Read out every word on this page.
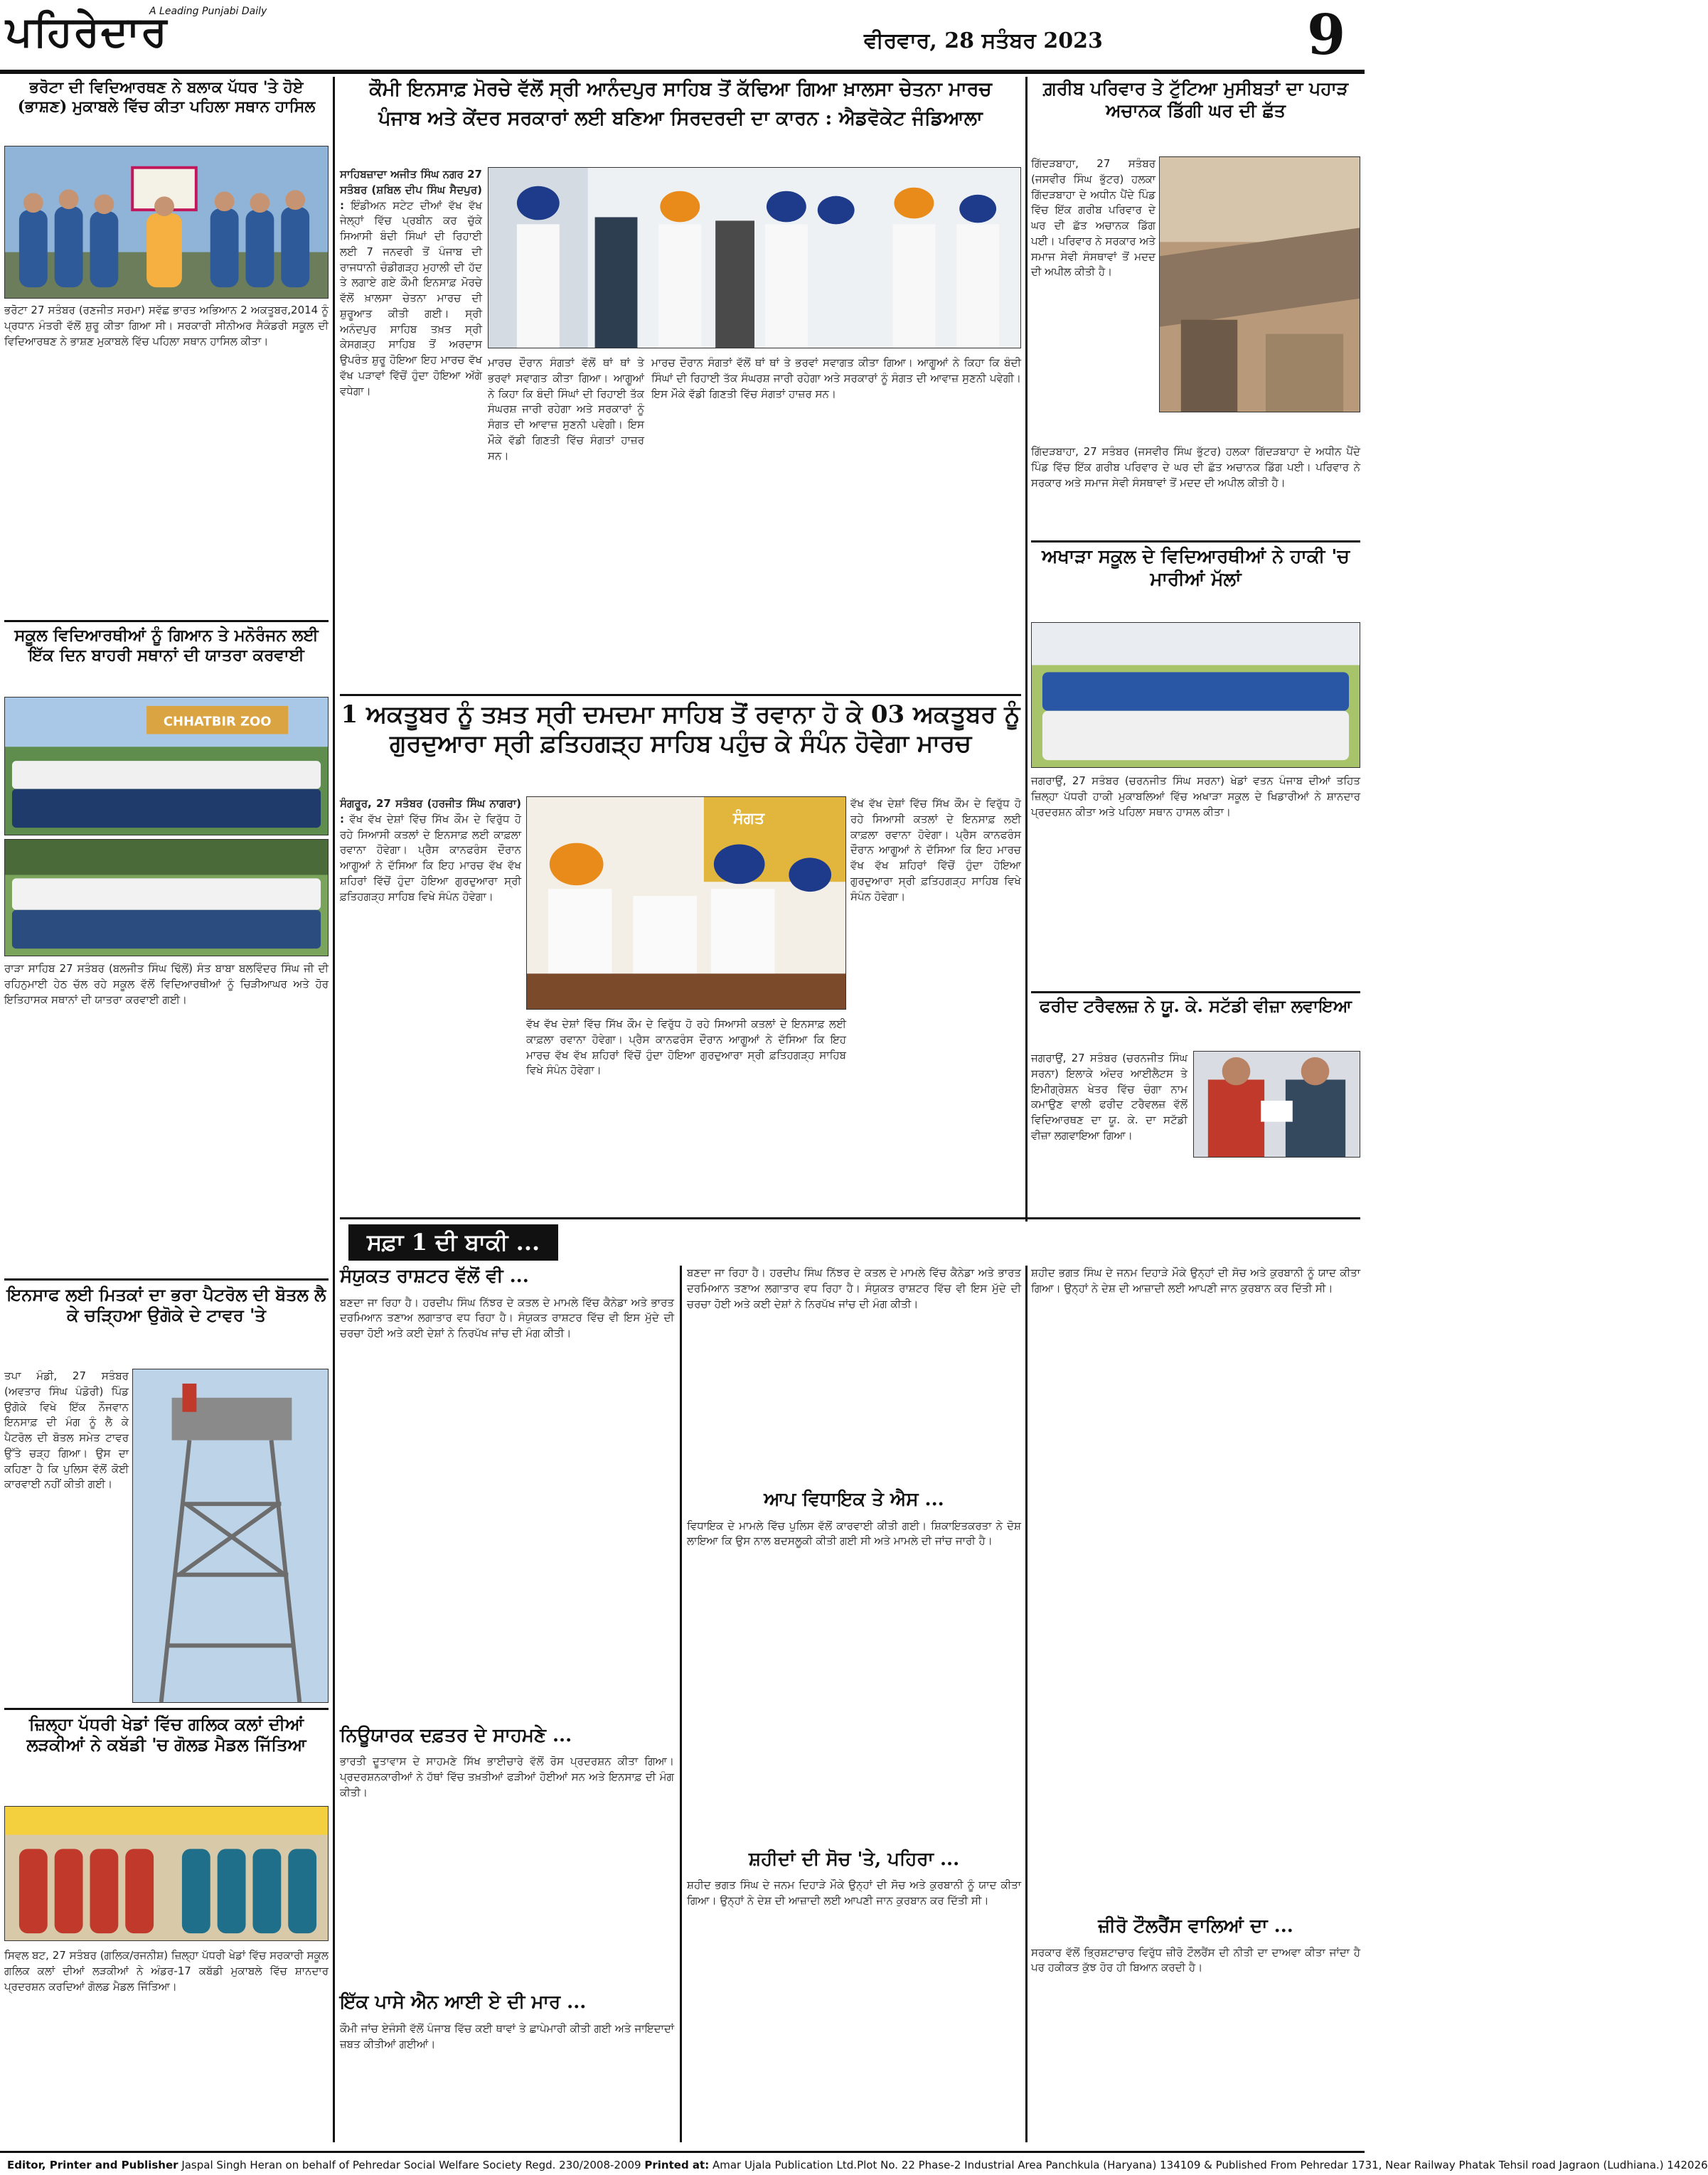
ਪਹਿਰੇਦਾਰ
A Leading Punjabi Daily
ਵੀਰਵਾਰ, 28 ਸਤੰਬਰ 2023	9
ਭਰੋਟਾ ਦੀ ਵਿਦਿਆਰਥਣ ਨੇ ਬਲਾਕ ਪੱਧਰ 'ਤੇ ਹੋਏ (ਭਾਸ਼ਣ) ਮੁਕਾਬਲੇ ਵਿੱਚ ਕੀਤਾ ਪਹਿਲਾ ਸਥਾਨ ਹਾਸਿਲ
ਭਰੋਟਾ 27 ਸਤੰਬਰ (ਰਣਜੀਤ ਸਰਮਾ) ਸਵੱਛ ਭਾਰਤ ਅਭਿਆਨ 2 ਅਕਤੂਬਰ,2014 ਨੂੰ ਪ੍ਰਧਾਨ ਮੰਤਰੀ ਵੱਲੋਂ ਸ਼ੁਰੂ ਕੀਤਾ ਗਿਆ ਸੀ। ਸਰਕਾਰੀ ਸੀਨੀਅਰ ਸੈਕੰਡਰੀ ਸਕੂਲ ਦੀ ਵਿਦਿਆਰਥਣ ਨੇ ਭਾਸ਼ਣ ਮੁਕਾਬਲੇ ਵਿੱਚ ਪਹਿਲਾ ਸਥਾਨ ਹਾਸਿਲ ਕੀਤਾ।
ਸਕੂਲ ਵਿਦਿਆਰਥੀਆਂ ਨੂੰ ਗਿਆਨ ਤੇ ਮਨੋਰੰਜਨ ਲਈ ਇੱਕ ਦਿਨ ਬਾਹਰੀ ਸਥਾਨਾਂ ਦੀ ਯਾਤਰਾ ਕਰਵਾਈ
CHHATBIR ZOO
ਰਾੜਾ ਸਾਹਿਬ 27 ਸਤੰਬਰ (ਬਲਜੀਤ ਸਿੰਘ ਢਿੱਲੋਂ) ਸੰਤ ਬਾਬਾ ਬਲਵਿੰਦਰ ਸਿੰਘ ਜੀ ਦੀ ਰਹਿਨੁਮਾਈ ਹੇਠ ਚੱਲ ਰਹੇ ਸਕੂਲ ਵੱਲੋਂ ਵਿਦਿਆਰਥੀਆਂ ਨੂੰ ਚਿੜੀਆਘਰ ਅਤੇ ਹੋਰ ਇਤਿਹਾਸਕ ਸਥਾਨਾਂ ਦੀ ਯਾਤਰਾ ਕਰਵਾਈ ਗਈ।
ਇਨਸਾਫ ਲਈ ਮਿਤਕਾਂ ਦਾ ਭਰਾ ਪੈਟਰੋਲ ਦੀ ਬੋਤਲ ਲੈ ਕੇ ਚੜ੍ਹਿਆ ਉਗੋਕੇ ਦੇ ਟਾਵਰ 'ਤੇ
ਤਪਾ ਮੰਡੀ, 27 ਸਤੰਬਰ (ਅਵਤਾਰ ਸਿੰਘ ਪੰਡੋਰੀ) ਪਿੰਡ ਉਗੋਕੇ ਵਿਖੇ ਇੱਕ ਨੌਜਵਾਨ ਇਨਸਾਫ਼ ਦੀ ਮੰਗ ਨੂੰ ਲੈ ਕੇ ਪੈਟਰੋਲ ਦੀ ਬੋਤਲ ਸਮੇਤ ਟਾਵਰ ਉੱਤੇ ਚੜ੍ਹ ਗਿਆ। ਉਸ ਦਾ ਕਹਿਣਾ ਹੈ ਕਿ ਪੁਲਿਸ ਵੱਲੋਂ ਕੋਈ ਕਾਰਵਾਈ ਨਹੀਂ ਕੀਤੀ ਗਈ।
ਜ਼ਿਲ੍ਹਾ ਪੱਧਰੀ ਖੇਡਾਂ ਵਿੱਚ ਗਲਿਕ ਕਲਾਂ ਦੀਆਂ ਲੜਕੀਆਂ ਨੇ ਕਬੱਡੀ 'ਚ ਗੋਲਡ ਮੈਡਲ ਜਿੱਤਿਆ
ਸਿਵਲ ਬਟ, 27 ਸਤੰਬਰ (ਗਲਿਕ/ਰਜਨੀਸ਼) ਜ਼ਿਲ੍ਹਾ ਪੱਧਰੀ ਖੇਡਾਂ ਵਿੱਚ ਸਰਕਾਰੀ ਸਕੂਲ ਗਲਿਕ ਕਲਾਂ ਦੀਆਂ ਲੜਕੀਆਂ ਨੇ ਅੰਡਰ-17 ਕਬੱਡੀ ਮੁਕਾਬਲੇ ਵਿੱਚ ਸ਼ਾਨਦਾਰ ਪ੍ਰਦਰਸ਼ਨ ਕਰਦਿਆਂ ਗੋਲਡ ਮੈਡਲ ਜਿੱਤਿਆ।
ਕੌਮੀ ਇਨਸਾਫ਼ ਮੋਰਚੇ ਵੱਲੋਂ ਸ੍ਰੀ ਆਨੰਦਪੁਰ ਸਾਹਿਬ ਤੋਂ ਕੱਢਿਆ ਗਿਆ ਖ਼ਾਲਸਾ ਚੇਤਨਾ ਮਾਰਚ
ਪੰਜਾਬ ਅਤੇ ਕੇਂਦਰ ਸਰਕਾਰਾਂ ਲਈ ਬਣਿਆ ਸਿਰਦਰਦੀ ਦਾ ਕਾਰਨ : ਐਡਵੋਕੇਟ ਜੰਡਿਆਲਾ
ਸਾਹਿਬਜ਼ਾਦਾ ਅਜੀਤ ਸਿੰਘ ਨਗਰ 27 ਸਤੰਬਰ (ਸ਼ਬਿਲ ਦੀਪ ਸਿੰਘ ਸੈਦਪੁਰ) : ਇੰਡੀਅਨ ਸਟੇਟ ਦੀਆਂ ਵੱਖ ਵੱਖ ਜੇਲ੍ਹਾਂ ਵਿੱਚ ਪ੍ਰਬੀਨ ਕਰ ਚੁੱਕੇ ਸਿਆਸੀ ਬੰਦੀ ਸਿੰਘਾਂ ਦੀ ਰਿਹਾਈ ਲਈ 7 ਜਨਵਰੀ ਤੋਂ ਪੰਜਾਬ ਦੀ ਰਾਜਧਾਨੀ ਚੰਡੀਗੜ੍ਹ ਮੁਹਾਲੀ ਦੀ ਹੱਦ ਤੇ ਲਗਾਏ ਗਏ ਕੌਮੀ ਇਨਸਾਫ਼ ਮੋਰਚੇ ਵੱਲੋਂ ਖ਼ਾਲਸਾ ਚੇਤਨਾ ਮਾਰਚ ਦੀ ਸ਼ੁਰੂਆਤ ਕੀਤੀ ਗਈ। ਸ੍ਰੀ ਅਨੰਦਪੁਰ ਸਾਹਿਬ ਤਖ਼ਤ ਸ੍ਰੀ ਕੇਸਗੜ੍ਹ ਸਾਹਿਬ ਤੋਂ ਅਰਦਾਸ ਉਪਰੰਤ ਸ਼ੁਰੂ ਹੋਇਆ ਇਹ ਮਾਰਚ ਵੱਖ ਵੱਖ ਪੜਾਵਾਂ ਵਿੱਚੋਂ ਹੁੰਦਾ ਹੋਇਆ ਅੱਗੇ ਵਧੇਗਾ।
ਮਾਰਚ ਦੌਰਾਨ ਸੰਗਤਾਂ ਵੱਲੋਂ ਥਾਂ ਥਾਂ ਤੇ ਭਰਵਾਂ ਸਵਾਗਤ ਕੀਤਾ ਗਿਆ। ਆਗੂਆਂ ਨੇ ਕਿਹਾ ਕਿ ਬੰਦੀ ਸਿੰਘਾਂ ਦੀ ਰਿਹਾਈ ਤੱਕ ਸੰਘਰਸ਼ ਜਾਰੀ ਰਹੇਗਾ ਅਤੇ ਸਰਕਾਰਾਂ ਨੂੰ ਸੰਗਤ ਦੀ ਆਵਾਜ਼ ਸੁਣਨੀ ਪਵੇਗੀ। ਇਸ ਮੌਕੇ ਵੱਡੀ ਗਿਣਤੀ ਵਿੱਚ ਸੰਗਤਾਂ ਹਾਜ਼ਰ ਸਨ।
ਮਾਰਚ ਦੌਰਾਨ ਸੰਗਤਾਂ ਵੱਲੋਂ ਥਾਂ ਥਾਂ ਤੇ ਭਰਵਾਂ ਸਵਾਗਤ ਕੀਤਾ ਗਿਆ। ਆਗੂਆਂ ਨੇ ਕਿਹਾ ਕਿ ਬੰਦੀ ਸਿੰਘਾਂ ਦੀ ਰਿਹਾਈ ਤੱਕ ਸੰਘਰਸ਼ ਜਾਰੀ ਰਹੇਗਾ ਅਤੇ ਸਰਕਾਰਾਂ ਨੂੰ ਸੰਗਤ ਦੀ ਆਵਾਜ਼ ਸੁਣਨੀ ਪਵੇਗੀ। ਇਸ ਮੌਕੇ ਵੱਡੀ ਗਿਣਤੀ ਵਿੱਚ ਸੰਗਤਾਂ ਹਾਜ਼ਰ ਸਨ।
1 ਅਕਤੂਬਰ ਨੂੰ ਤਖ਼ਤ ਸ੍ਰੀ ਦਮਦਮਾ ਸਾਹਿਬ ਤੋਂ ਰਵਾਨਾ ਹੋ ਕੇ 03 ਅਕਤੂਬਰ ਨੂੰ ਗੁਰਦੁਆਰਾ ਸ੍ਰੀ ਫ਼ਤਿਹਗੜ੍ਹ ਸਾਹਿਬ ਪਹੁੰਚ ਕੇ ਸੰਪੰਨ ਹੋਵੇਗਾ ਮਾਰਚ
ਸੰਗਰੂਰ, 27 ਸਤੰਬਰ (ਹਰਜੀਤ ਸਿੰਘ ਨਾਗਰਾ) : ਵੱਖ ਵੱਖ ਦੇਸ਼ਾਂ ਵਿੱਚ ਸਿੱਖ ਕੌਮ ਦੇ ਵਿਰੁੱਧ ਹੋ ਰਹੇ ਸਿਆਸੀ ਕਤਲਾਂ ਦੇ ਇਨਸਾਫ਼ ਲਈ ਕਾਫ਼ਲਾ ਰਵਾਨਾ ਹੋਵੇਗਾ। ਪ੍ਰੈਸ ਕਾਨਫਰੰਸ ਦੌਰਾਨ ਆਗੂਆਂ ਨੇ ਦੱਸਿਆ ਕਿ ਇਹ ਮਾਰਚ ਵੱਖ ਵੱਖ ਸ਼ਹਿਰਾਂ ਵਿੱਚੋਂ ਹੁੰਦਾ ਹੋਇਆ ਗੁਰਦੁਆਰਾ ਸ੍ਰੀ ਫ਼ਤਿਹਗੜ੍ਹ ਸਾਹਿਬ ਵਿਖੇ ਸੰਪੰਨ ਹੋਵੇਗਾ।
ਸੰਗਤ
ਵੱਖ ਵੱਖ ਦੇਸ਼ਾਂ ਵਿੱਚ ਸਿੱਖ ਕੌਮ ਦੇ ਵਿਰੁੱਧ ਹੋ ਰਹੇ ਸਿਆਸੀ ਕਤਲਾਂ ਦੇ ਇਨਸਾਫ਼ ਲਈ ਕਾਫ਼ਲਾ ਰਵਾਨਾ ਹੋਵੇਗਾ। ਪ੍ਰੈਸ ਕਾਨਫਰੰਸ ਦੌਰਾਨ ਆਗੂਆਂ ਨੇ ਦੱਸਿਆ ਕਿ ਇਹ ਮਾਰਚ ਵੱਖ ਵੱਖ ਸ਼ਹਿਰਾਂ ਵਿੱਚੋਂ ਹੁੰਦਾ ਹੋਇਆ ਗੁਰਦੁਆਰਾ ਸ੍ਰੀ ਫ਼ਤਿਹਗੜ੍ਹ ਸਾਹਿਬ ਵਿਖੇ ਸੰਪੰਨ ਹੋਵੇਗਾ।
ਵੱਖ ਵੱਖ ਦੇਸ਼ਾਂ ਵਿੱਚ ਸਿੱਖ ਕੌਮ ਦੇ ਵਿਰੁੱਧ ਹੋ ਰਹੇ ਸਿਆਸੀ ਕਤਲਾਂ ਦੇ ਇਨਸਾਫ਼ ਲਈ ਕਾਫ਼ਲਾ ਰਵਾਨਾ ਹੋਵੇਗਾ। ਪ੍ਰੈਸ ਕਾਨਫਰੰਸ ਦੌਰਾਨ ਆਗੂਆਂ ਨੇ ਦੱਸਿਆ ਕਿ ਇਹ ਮਾਰਚ ਵੱਖ ਵੱਖ ਸ਼ਹਿਰਾਂ ਵਿੱਚੋਂ ਹੁੰਦਾ ਹੋਇਆ ਗੁਰਦੁਆਰਾ ਸ੍ਰੀ ਫ਼ਤਿਹਗੜ੍ਹ ਸਾਹਿਬ ਵਿਖੇ ਸੰਪੰਨ ਹੋਵੇਗਾ।
ਗ਼ਰੀਬ ਪਰਿਵਾਰ ਤੇ ਟੁੱਟਿਆ ਮੁਸੀਬਤਾਂ ਦਾ ਪਹਾੜ ਅਚਾਨਕ ਡਿੱਗੀ ਘਰ ਦੀ ਛੱਤ
ਗਿੱਦੜਬਾਹਾ, 27 ਸਤੰਬਰ (ਜਸਵੀਰ ਸਿੰਘ ਭੁੱਟਰ) ਹਲਕਾ ਗਿੱਦੜਬਾਹਾ ਦੇ ਅਧੀਨ ਪੈਂਦੇ ਪਿੰਡ ਵਿੱਚ ਇੱਕ ਗਰੀਬ ਪਰਿਵਾਰ ਦੇ ਘਰ ਦੀ ਛੱਤ ਅਚਾਨਕ ਡਿੱਗ ਪਈ। ਪਰਿਵਾਰ ਨੇ ਸਰਕਾਰ ਅਤੇ ਸਮਾਜ ਸੇਵੀ ਸੰਸਥਾਵਾਂ ਤੋਂ ਮਦਦ ਦੀ ਅਪੀਲ ਕੀਤੀ ਹੈ।
ਗਿੱਦੜਬਾਹਾ, 27 ਸਤੰਬਰ (ਜਸਵੀਰ ਸਿੰਘ ਭੁੱਟਰ) ਹਲਕਾ ਗਿੱਦੜਬਾਹਾ ਦੇ ਅਧੀਨ ਪੈਂਦੇ ਪਿੰਡ ਵਿੱਚ ਇੱਕ ਗਰੀਬ ਪਰਿਵਾਰ ਦੇ ਘਰ ਦੀ ਛੱਤ ਅਚਾਨਕ ਡਿੱਗ ਪਈ। ਪਰਿਵਾਰ ਨੇ ਸਰਕਾਰ ਅਤੇ ਸਮਾਜ ਸੇਵੀ ਸੰਸਥਾਵਾਂ ਤੋਂ ਮਦਦ ਦੀ ਅਪੀਲ ਕੀਤੀ ਹੈ।
ਅਖਾੜਾ ਸਕੂਲ ਦੇ ਵਿਦਿਆਰਥੀਆਂ ਨੇ ਹਾਕੀ 'ਚ ਮਾਰੀਆਂ ਮੱਲਾਂ
ਜਗਰਾਉਂ, 27 ਸਤੰਬਰ (ਚਰਨਜੀਤ ਸਿੰਘ ਸਰਨਾ) ਖੇਡਾਂ ਵਤਨ ਪੰਜਾਬ ਦੀਆਂ ਤਹਿਤ ਜ਼ਿਲ੍ਹਾ ਪੱਧਰੀ ਹਾਕੀ ਮੁਕਾਬਲਿਆਂ ਵਿੱਚ ਅਖਾੜਾ ਸਕੂਲ ਦੇ ਖਿਡਾਰੀਆਂ ਨੇ ਸ਼ਾਨਦਾਰ ਪ੍ਰਦਰਸ਼ਨ ਕੀਤਾ ਅਤੇ ਪਹਿਲਾ ਸਥਾਨ ਹਾਸਲ ਕੀਤਾ।
ਫਰੀਦ ਟਰੈਵਲਜ਼ ਨੇ ਯੂ. ਕੇ. ਸਟੱਡੀ ਵੀਜ਼ਾ ਲਵਾਇਆ
ਜਗਰਾਉਂ, 27 ਸਤੰਬਰ (ਚਰਨਜੀਤ ਸਿੰਘ ਸਰਨਾ) ਇਲਾਕੇ ਅੰਦਰ ਆਈਲੈਟਸ ਤੇ ਇਮੀਗ੍ਰੇਸ਼ਨ ਖੇਤਰ ਵਿੱਚ ਚੰਗਾ ਨਾਮ ਕਮਾਉਣ ਵਾਲੀ ਫਰੀਦ ਟਰੈਵਲਜ਼ ਵੱਲੋਂ ਵਿਦਿਆਰਥਣ ਦਾ ਯੂ. ਕੇ. ਦਾ ਸਟੱਡੀ ਵੀਜ਼ਾ ਲਗਵਾਇਆ ਗਿਆ।
ਸਫ਼ਾ 1 ਦੀ ਬਾਕੀ ...
ਸੰਯੁਕਤ ਰਾਸ਼ਟਰ ਵੱਲੋਂ ਵੀ ...
ਬਣਦਾ ਜਾ ਰਿਹਾ ਹੈ। ਹਰਦੀਪ ਸਿੰਘ ਨਿੱਝਰ ਦੇ ਕਤਲ ਦੇ ਮਾਮਲੇ ਵਿੱਚ ਕੈਨੇਡਾ ਅਤੇ ਭਾਰਤ ਦਰਮਿਆਨ ਤਣਾਅ ਲਗਾਤਾਰ ਵਧ ਰਿਹਾ ਹੈ। ਸੰਯੁਕਤ ਰਾਸ਼ਟਰ ਵਿੱਚ ਵੀ ਇਸ ਮੁੱਦੇ ਦੀ ਚਰਚਾ ਹੋਈ ਅਤੇ ਕਈ ਦੇਸ਼ਾਂ ਨੇ ਨਿਰਪੱਖ ਜਾਂਚ ਦੀ ਮੰਗ ਕੀਤੀ।
ਨਿਊਯਾਰਕ ਦਫ਼ਤਰ ਦੇ ਸਾਹਮਣੇ ...
ਭਾਰਤੀ ਦੂਤਾਵਾਸ ਦੇ ਸਾਹਮਣੇ ਸਿੱਖ ਭਾਈਚਾਰੇ ਵੱਲੋਂ ਰੋਸ ਪ੍ਰਦਰਸ਼ਨ ਕੀਤਾ ਗਿਆ। ਪ੍ਰਦਰਸ਼ਨਕਾਰੀਆਂ ਨੇ ਹੱਥਾਂ ਵਿੱਚ ਤਖ਼ਤੀਆਂ ਫੜੀਆਂ ਹੋਈਆਂ ਸਨ ਅਤੇ ਇਨਸਾਫ਼ ਦੀ ਮੰਗ ਕੀਤੀ।
ਇੱਕ ਪਾਸੇ ਐਨ ਆਈ ਏ ਦੀ ਮਾਰ ...
ਕੌਮੀ ਜਾਂਚ ਏਜੰਸੀ ਵੱਲੋਂ ਪੰਜਾਬ ਵਿੱਚ ਕਈ ਥਾਵਾਂ ਤੇ ਛਾਪੇਮਾਰੀ ਕੀਤੀ ਗਈ ਅਤੇ ਜਾਇਦਾਦਾਂ ਜ਼ਬਤ ਕੀਤੀਆਂ ਗਈਆਂ।
ਬਣਦਾ ਜਾ ਰਿਹਾ ਹੈ। ਹਰਦੀਪ ਸਿੰਘ ਨਿੱਝਰ ਦੇ ਕਤਲ ਦੇ ਮਾਮਲੇ ਵਿੱਚ ਕੈਨੇਡਾ ਅਤੇ ਭਾਰਤ ਦਰਮਿਆਨ ਤਣਾਅ ਲਗਾਤਾਰ ਵਧ ਰਿਹਾ ਹੈ। ਸੰਯੁਕਤ ਰਾਸ਼ਟਰ ਵਿੱਚ ਵੀ ਇਸ ਮੁੱਦੇ ਦੀ ਚਰਚਾ ਹੋਈ ਅਤੇ ਕਈ ਦੇਸ਼ਾਂ ਨੇ ਨਿਰਪੱਖ ਜਾਂਚ ਦੀ ਮੰਗ ਕੀਤੀ।
ਆਪ ਵਿਧਾਇਕ ਤੇ ਐਸ ...
ਵਿਧਾਇਕ ਦੇ ਮਾਮਲੇ ਵਿੱਚ ਪੁਲਿਸ ਵੱਲੋਂ ਕਾਰਵਾਈ ਕੀਤੀ ਗਈ। ਸ਼ਿਕਾਇਤਕਰਤਾ ਨੇ ਦੋਸ਼ ਲਾਇਆ ਕਿ ਉਸ ਨਾਲ ਬਦਸਲੂਕੀ ਕੀਤੀ ਗਈ ਸੀ ਅਤੇ ਮਾਮਲੇ ਦੀ ਜਾਂਚ ਜਾਰੀ ਹੈ।
ਸ਼ਹੀਦਾਂ ਦੀ ਸੋਚ 'ਤੇ, ਪਹਿਰਾ ...
ਸ਼ਹੀਦ ਭਗਤ ਸਿੰਘ ਦੇ ਜਨਮ ਦਿਹਾੜੇ ਮੌਕੇ ਉਨ੍ਹਾਂ ਦੀ ਸੋਚ ਅਤੇ ਕੁਰਬਾਨੀ ਨੂੰ ਯਾਦ ਕੀਤਾ ਗਿਆ। ਉਨ੍ਹਾਂ ਨੇ ਦੇਸ਼ ਦੀ ਆਜ਼ਾਦੀ ਲਈ ਆਪਣੀ ਜਾਨ ਕੁਰਬਾਨ ਕਰ ਦਿੱਤੀ ਸੀ।
ਸ਼ਹੀਦ ਭਗਤ ਸਿੰਘ ਦੇ ਜਨਮ ਦਿਹਾੜੇ ਮੌਕੇ ਉਨ੍ਹਾਂ ਦੀ ਸੋਚ ਅਤੇ ਕੁਰਬਾਨੀ ਨੂੰ ਯਾਦ ਕੀਤਾ ਗਿਆ। ਉਨ੍ਹਾਂ ਨੇ ਦੇਸ਼ ਦੀ ਆਜ਼ਾਦੀ ਲਈ ਆਪਣੀ ਜਾਨ ਕੁਰਬਾਨ ਕਰ ਦਿੱਤੀ ਸੀ।
ਜ਼ੀਰੋ ਟੌਲਰੈਂਸ ਵਾਲਿਆਂ ਦਾ ...
ਸਰਕਾਰ ਵੱਲੋਂ ਭ੍ਰਿਸ਼ਟਾਚਾਰ ਵਿਰੁੱਧ ਜ਼ੀਰੋ ਟੌਲਰੈਂਸ ਦੀ ਨੀਤੀ ਦਾ ਦਾਅਵਾ ਕੀਤਾ ਜਾਂਦਾ ਹੈ ਪਰ ਹਕੀਕਤ ਕੁੱਝ ਹੋਰ ਹੀ ਬਿਆਨ ਕਰਦੀ ਹੈ।
Editor, Printer and Publisher Jaspal Singh Heran on behalf of Pehredar Social Welfare Society Regd. 230/2008-2009 Printed at: Amar Ujala Publication Ltd.Plot No. 22 Phase-2 Industrial Area Panchkula (Haryana) 134109 & Published From Pehredar 1731, Near Railway Phatak Tehsil road Jagraon (Ludhiana.) 142026
